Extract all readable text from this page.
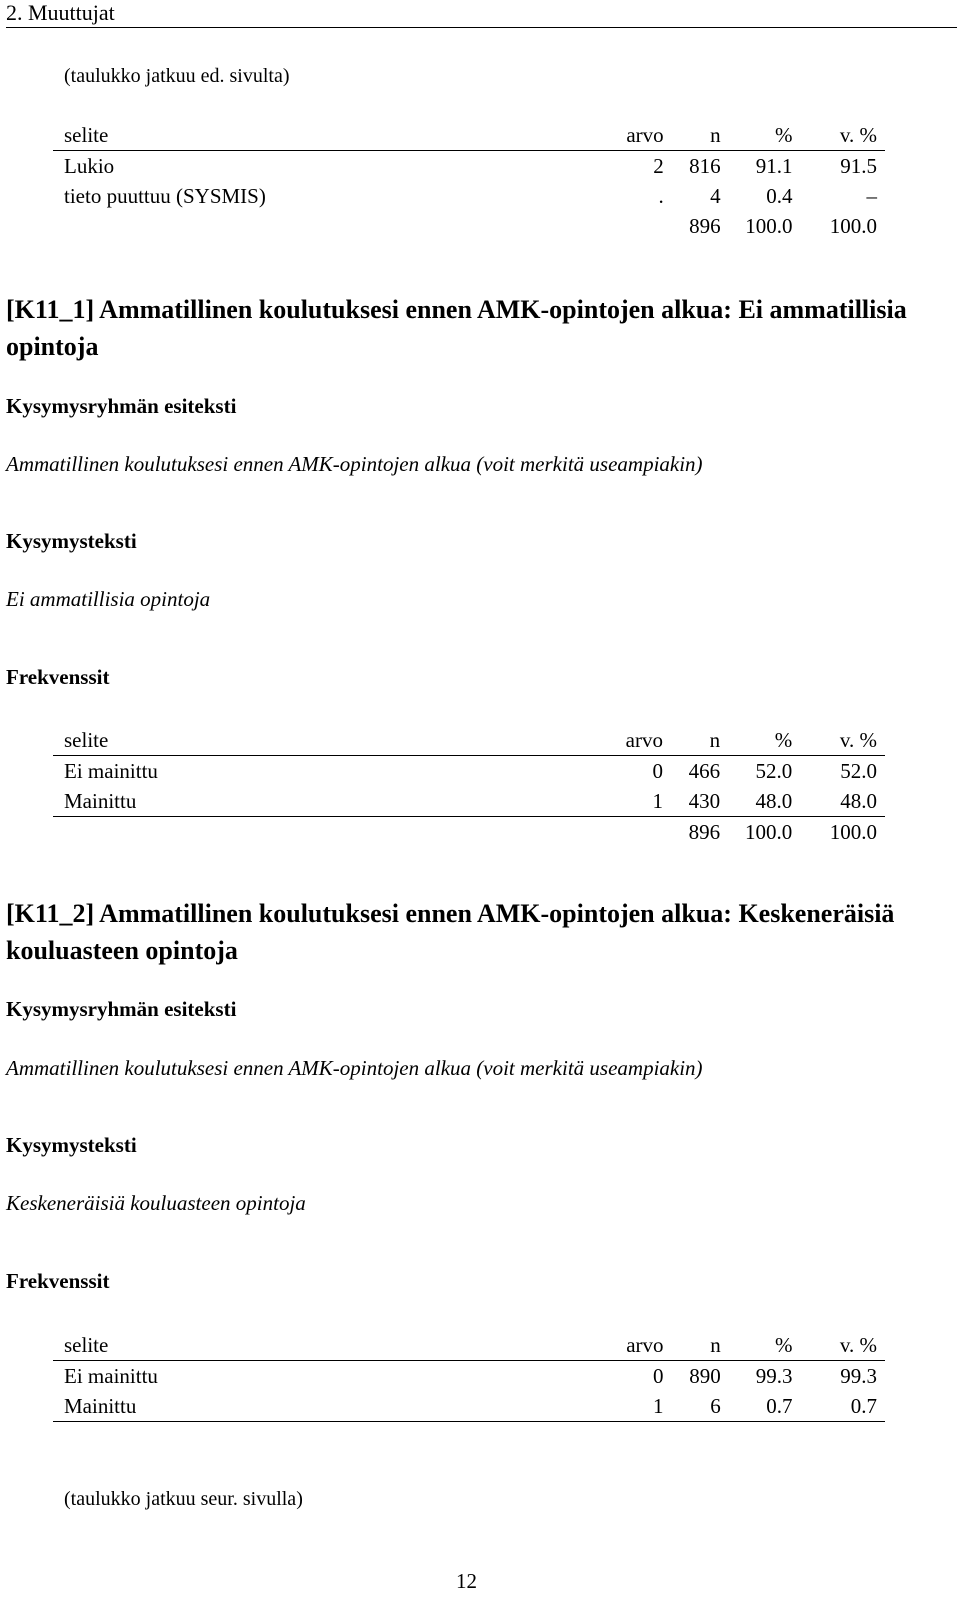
2. Muuttujat
(taulukko jatkuu ed. sivulta)
selite	arvo	n	%	v. %
Lukio	2	816	91.1	91.5
tieto puuttuu (SYSMIS)	.	4	0.4	–
		896	100.0	100.0
[K11_1] Ammatillinen koulutuksesi ennen AMK-opintojen alkua: Ei ammatillisia opintoja
Kysymysryhmän esiteksti
Ammatillinen koulutuksesi ennen AMK-opintojen alkua (voit merkitä useampiakin)
Kysymysteksti
Ei ammatillisia opintoja
Frekvenssit
selite	arvo	n	%	v. %
Ei mainittu	0	466	52.0	52.0
Mainittu	1	430	48.0	48.0
		896	100.0	100.0
[K11_2] Ammatillinen koulutuksesi ennen AMK-opintojen alkua: Keskeneräisiä kouluasteen opintoja
Kysymysryhmän esiteksti
Ammatillinen koulutuksesi ennen AMK-opintojen alkua (voit merkitä useampiakin)
Kysymysteksti
Keskeneräisiä kouluasteen opintoja
Frekvenssit
selite	arvo	n	%	v. %
Ei mainittu	0	890	99.3	99.3
Mainittu	1	6	0.7	0.7
(taulukko jatkuu seur. sivulla)
12
